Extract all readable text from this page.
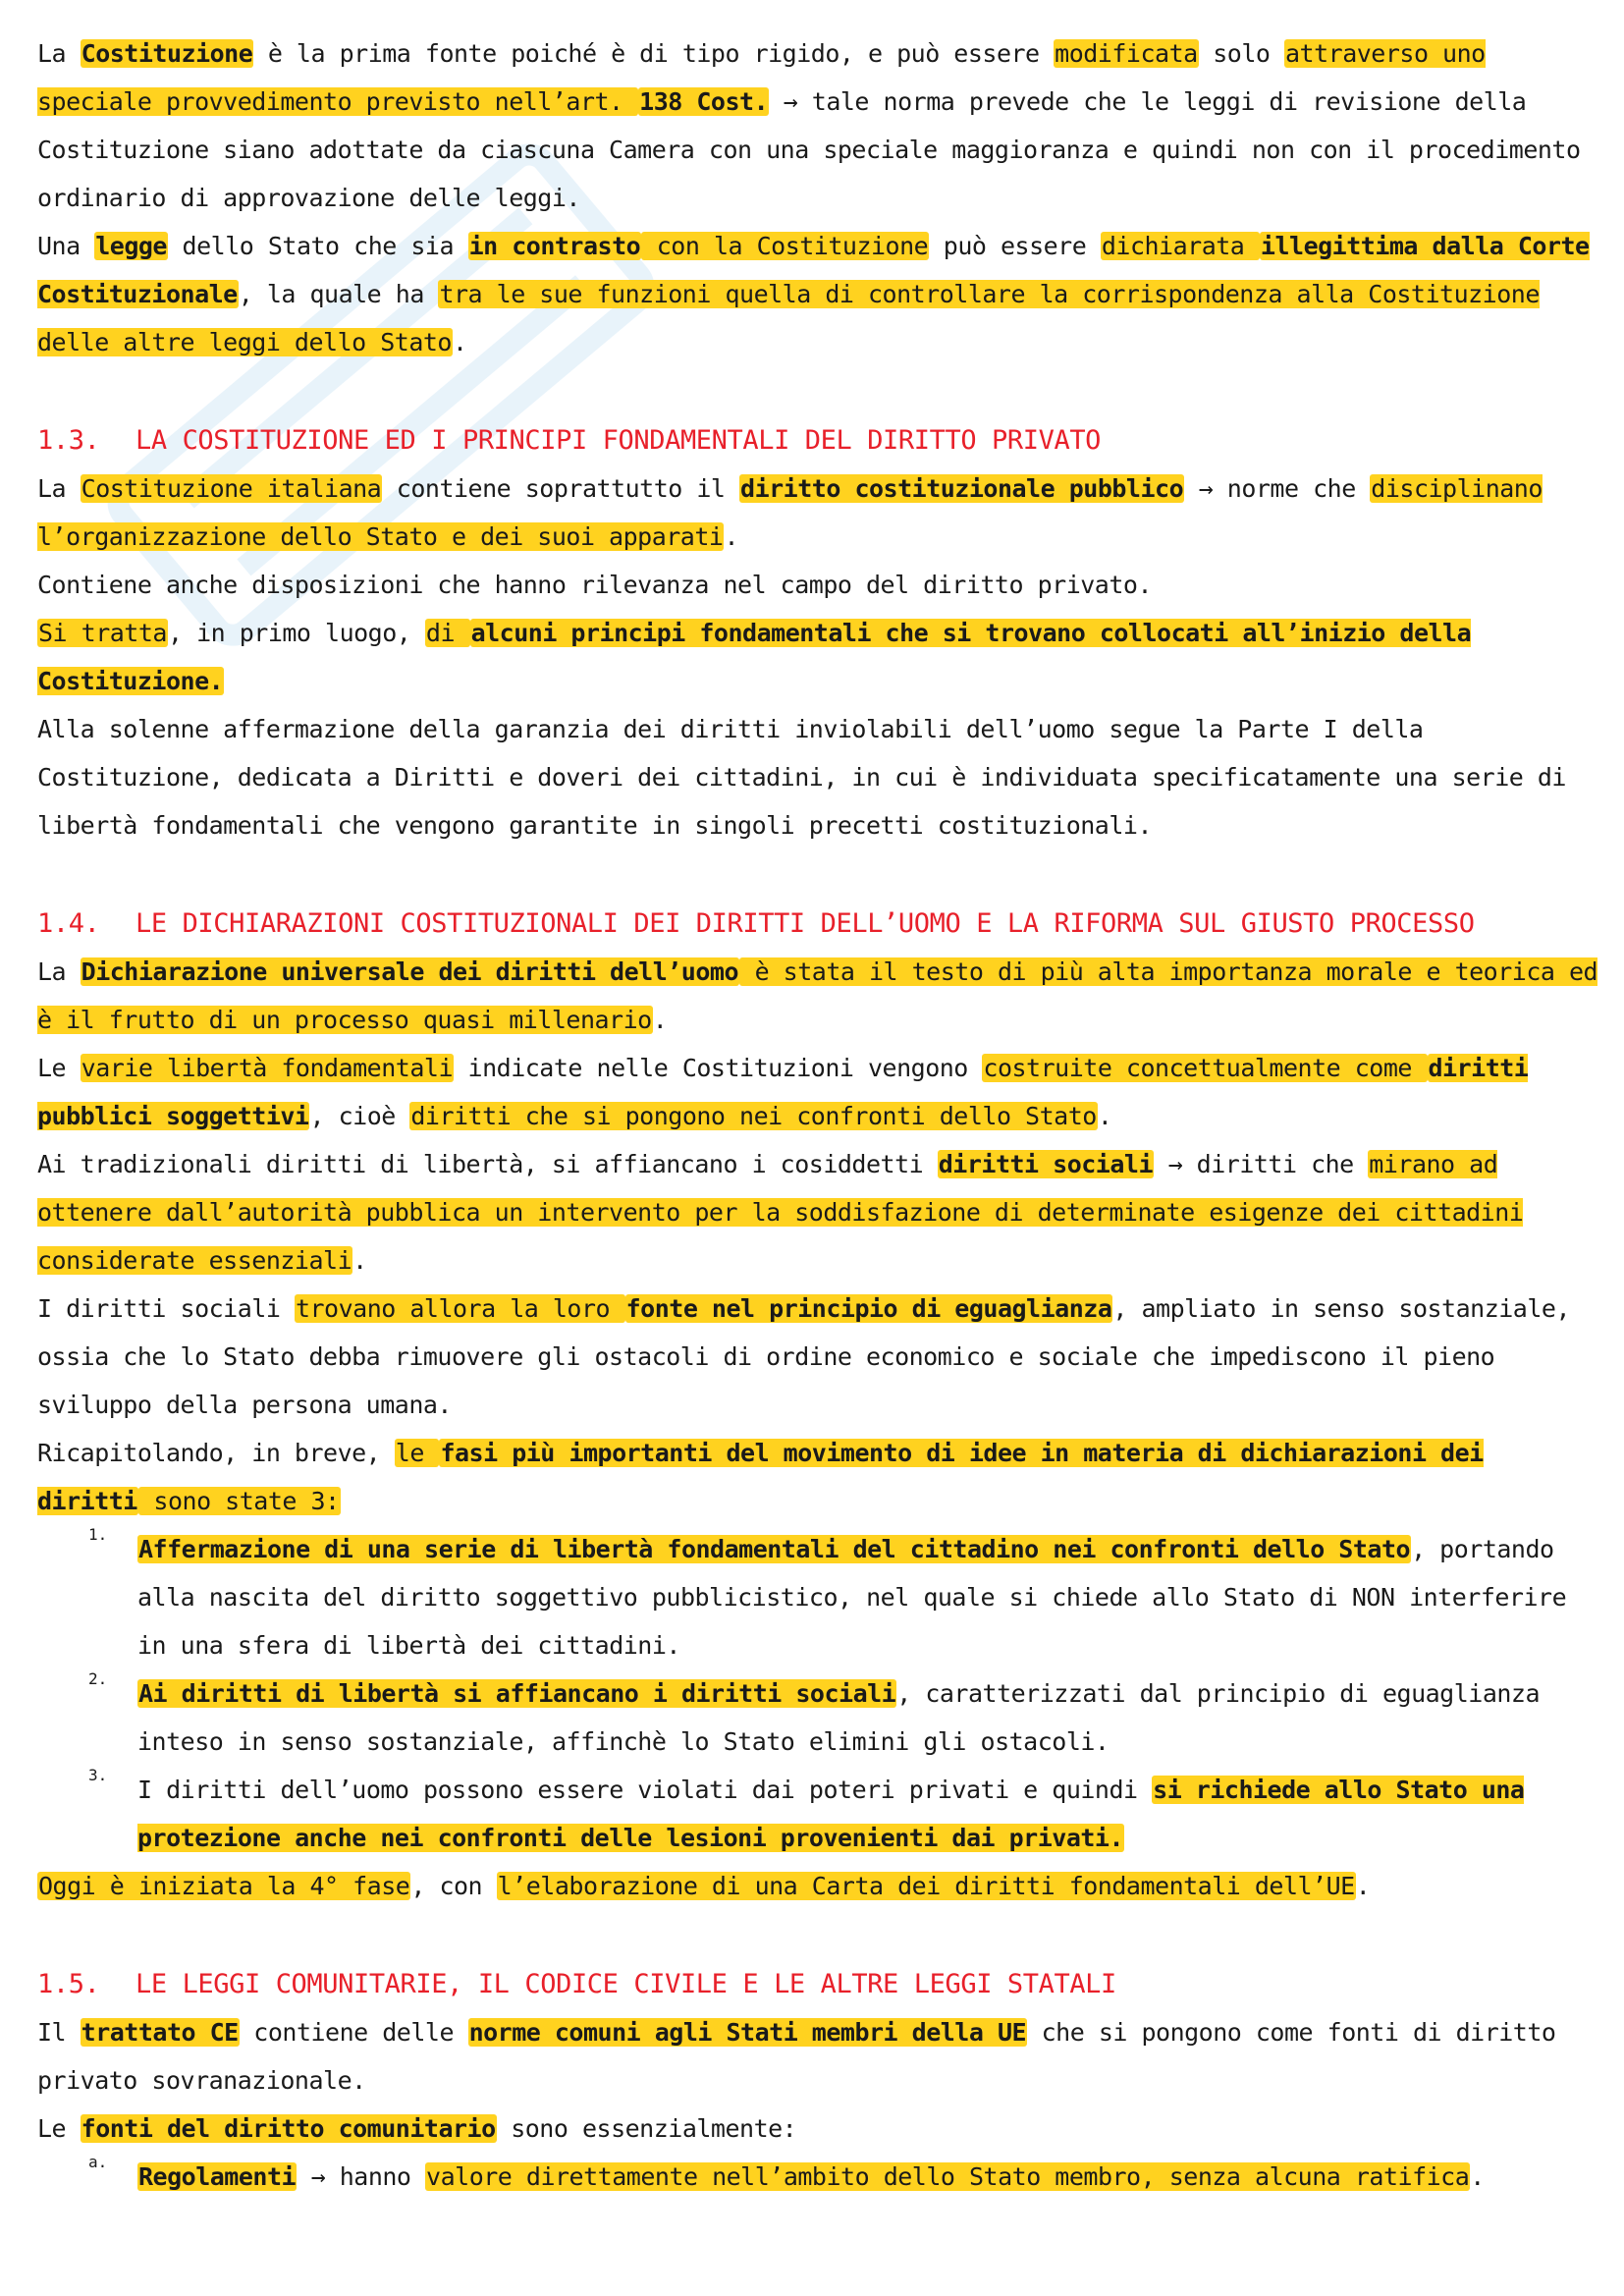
La Costituzione è la prima fonte poiché è di tipo rigido, e può essere modificata solo attraverso uno speciale provvedimento previsto nell’art. 138 Cost. → tale norma prevede che le leggi di revisione della Costituzione siano adottate da ciascuna Camera con una speciale maggioranza e quindi non con il procedimento ordinario di approvazione delle leggi.

Una legge dello Stato che sia in contrasto con la Costituzione può essere dichiarata illegittima dalla Corte Costituzionale, la quale ha tra le sue funzioni quella di controllare la corrispondenza alla Costituzione delle altre leggi dello Stato.

1.3. LA COSTITUZIONE ED I PRINCIPI FONDAMENTALI DEL DIRITTO PRIVATO

La Costituzione italiana contiene soprattutto il diritto costituzionale pubblico → norme che disciplinano l’organizzazione dello Stato e dei suoi apparati.

Contiene anche disposizioni che hanno rilevanza nel campo del diritto privato.

Si tratta, in primo luogo, di alcuni principi fondamentali che si trovano collocati all’inizio della Costituzione.

Alla solenne affermazione della garanzia dei diritti inviolabili dell’uomo segue la Parte I della Costituzione, dedicata a Diritti e doveri dei cittadini, in cui è individuata specificatamente una serie di libertà fondamentali che vengono garantite in singoli precetti costituzionali.

1.4. LE DICHIARAZIONI COSTITUZIONALI DEI DIRITTI DELL’UOMO E LA RIFORMA SUL GIUSTO PROCESSO

La Dichiarazione universale dei diritti dell’uomo è stata il testo di più alta importanza morale e teorica ed è il frutto di un processo quasi millenario.

Le varie libertà fondamentali indicate nelle Costituzioni vengono costruite concettualmente come diritti pubblici soggettivi, cioè diritti che si pongono nei confronti dello Stato.

Ai tradizionali diritti di libertà, si affiancano i cosiddetti diritti sociali → diritti che mirano ad ottenere dall’autorità pubblica un intervento per la soddisfazione di determinate esigenze dei cittadini considerate essenziali.

I diritti sociali trovano allora la loro fonte nel principio di eguaglianza, ampliato in senso sostanziale, ossia che lo Stato debba rimuovere gli ostacoli di ordine economico e sociale che impediscono il pieno sviluppo della persona umana.

Ricapitolando, in breve, le fasi più importanti del movimento di idee in materia di dichiarazioni dei diritti sono state 3:

1.

Affermazione di una serie di libertà fondamentali del cittadino nei confronti dello Stato, portando alla nascita del diritto soggettivo pubblicistico, nel quale si chiede allo Stato di NON interferire in una sfera di libertà dei cittadini.

2.

Ai diritti di libertà si affiancano i diritti sociali, caratterizzati dal principio di eguaglianza inteso in senso sostanziale, affinchè lo Stato elimini gli ostacoli.

3.

I diritti dell’uomo possono essere violati dai poteri privati e quindi si richiede allo Stato una protezione anche nei confronti delle lesioni provenienti dai privati.

Oggi è iniziata la 4° fase, con l’elaborazione di una Carta dei diritti fondamentali dell’UE.

1.5. LE LEGGI COMUNITARIE, IL CODICE CIVILE E LE ALTRE LEGGI STATALI

Il trattato CE contiene delle norme comuni agli Stati membri della UE che si pongono come fonti di diritto privato sovranazionale.

Le fonti del diritto comunitario sono essenzialmente:

a.

Regolamenti → hanno valore direttamente nell’ambito dello Stato membro, senza alcuna ratifica.
